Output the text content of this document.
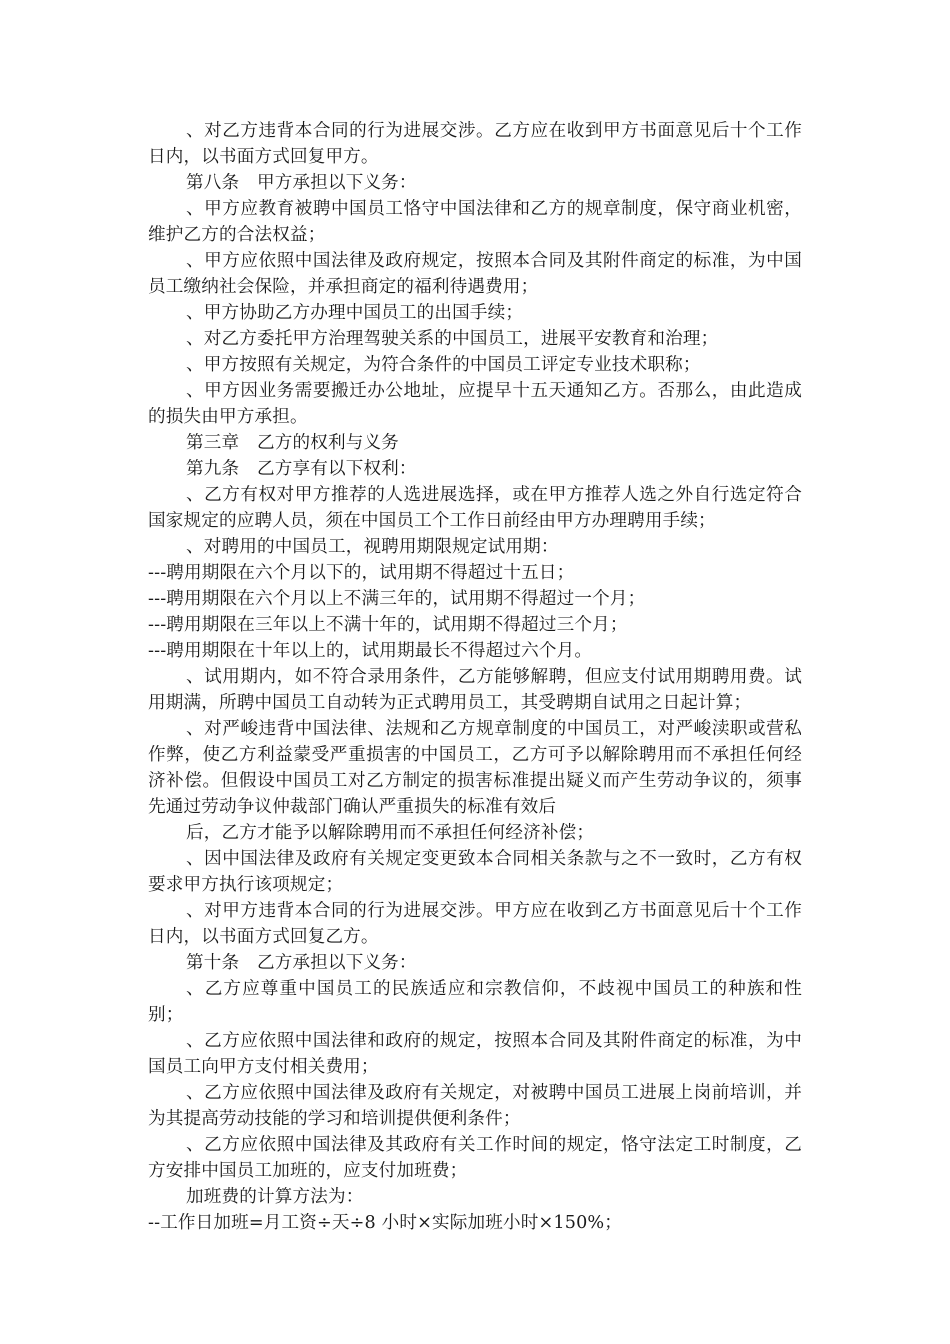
、对乙方违背本合同的行为进展交涉。乙方应在收到甲方书面意见后十个工作日内，以书面方式回复甲方。

第八条　甲方承担以下义务：

、甲方应教育被聘中国员工恪守中国法律和乙方的规章制度，保守商业机密，维护乙方的合法权益；

、甲方应依照中国法律及政府规定，按照本合同及其附件商定的标准，为中国员工缴纳社会保险，并承担商定的福利待遇费用；

、甲方协助乙方办理中国员工的出国手续；

、对乙方委托甲方治理驾驶关系的中国员工，进展平安教育和治理；

、甲方按照有关规定，为符合条件的中国员工评定专业技术职称；

、甲方因业务需要搬迁办公地址，应提早十五天通知乙方。否那么，由此造成的损失由甲方承担。

第三章　乙方的权利与义务

第九条　乙方享有以下权利：

、乙方有权对甲方推荐的人选进展选择，或在甲方推荐人选之外自行选定符合国家规定的应聘人员，须在中国员工个工作日前经由甲方办理聘用手续；

、对聘用的中国员工，视聘用期限规定试用期：

---聘用期限在六个月以下的，试用期不得超过十五日；

---聘用期限在六个月以上不满三年的，试用期不得超过一个月；

---聘用期限在三年以上不满十年的，试用期不得超过三个月；

---聘用期限在十年以上的，试用期最长不得超过六个月。

、试用期内，如不符合录用条件，乙方能够解聘，但应支付试用期聘用费。试用期满，所聘中国员工自动转为正式聘用员工，其受聘期自试用之日起计算；

、对严峻违背中国法律、法规和乙方规章制度的中国员工，对严峻渎职或营私作弊，使乙方利益蒙受严重损害的中国员工，乙方可予以解除聘用而不承担任何经济补偿。但假设中国员工对乙方制定的损害标准提出疑义而产生劳动争议的，须事先通过劳动争议仲裁部门确认严重损失的标准有效后

后，乙方才能予以解除聘用而不承担任何经济补偿；

、因中国法律及政府有关规定变更致本合同相关条款与之不一致时，乙方有权要求甲方执行该项规定；

、对甲方违背本合同的行为进展交涉。甲方应在收到乙方书面意见后十个工作日内，以书面方式回复乙方。

第十条　乙方承担以下义务：

、乙方应尊重中国员工的民族适应和宗教信仰，不歧视中国员工的种族和性别；

、乙方应依照中国法律和政府的规定，按照本合同及其附件商定的标准，为中国员工向甲方支付相关费用；

、乙方应依照中国法律及政府有关规定，对被聘中国员工进展上岗前培训，并为其提高劳动技能的学习和培训提供便利条件；

、乙方应依照中国法律及其政府有关工作时间的规定，恪守法定工时制度，乙方安排中国员工加班的，应支付加班费；

加班费的计算方法为：

--工作日加班=月工资÷天÷8 小时×实际加班小时×150%；
